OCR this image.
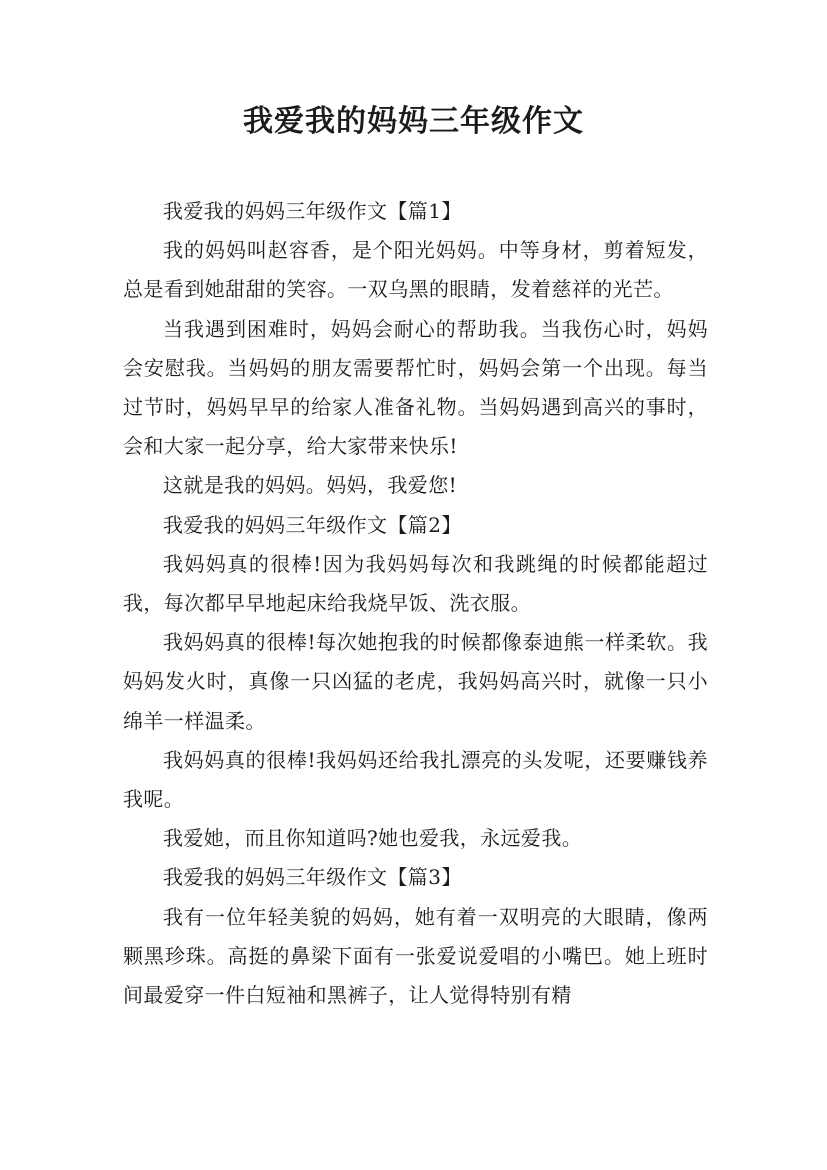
我爱我的妈妈三年级作文

我爱我的妈妈三年级作文【篇1】

我的妈妈叫赵容香，是个阳光妈妈。中等身材，剪着短发，总是看到她甜甜的笑容。一双乌黑的眼睛，发着慈祥的光芒。

当我遇到困难时，妈妈会耐心的帮助我。当我伤心时，妈妈会安慰我。当妈妈的朋友需要帮忙时，妈妈会第一个出现。每当过节时，妈妈早早的给家人准备礼物。当妈妈遇到高兴的事时，会和大家一起分享，给大家带来快乐!

这就是我的妈妈。妈妈，我爱您!

我爱我的妈妈三年级作文【篇2】

我妈妈真的很棒!因为我妈妈每次和我跳绳的时候都能超过我，每次都早早地起床给我烧早饭、洗衣服。

我妈妈真的很棒!每次她抱我的时候都像泰迪熊一样柔软。我妈妈发火时，真像一只凶猛的老虎，我妈妈高兴时，就像一只小绵羊一样温柔。

我妈妈真的很棒!我妈妈还给我扎漂亮的头发呢，还要赚钱养我呢。

我爱她，而且你知道吗?她也爱我，永远爱我。

我爱我的妈妈三年级作文【篇3】

我有一位年轻美貌的妈妈，她有着一双明亮的大眼睛，像两颗黑珍珠。高挺的鼻梁下面有一张爱说爱唱的小嘴巴。她上班时间最爱穿一件白短袖和黑裤子，让人觉得特别有精
